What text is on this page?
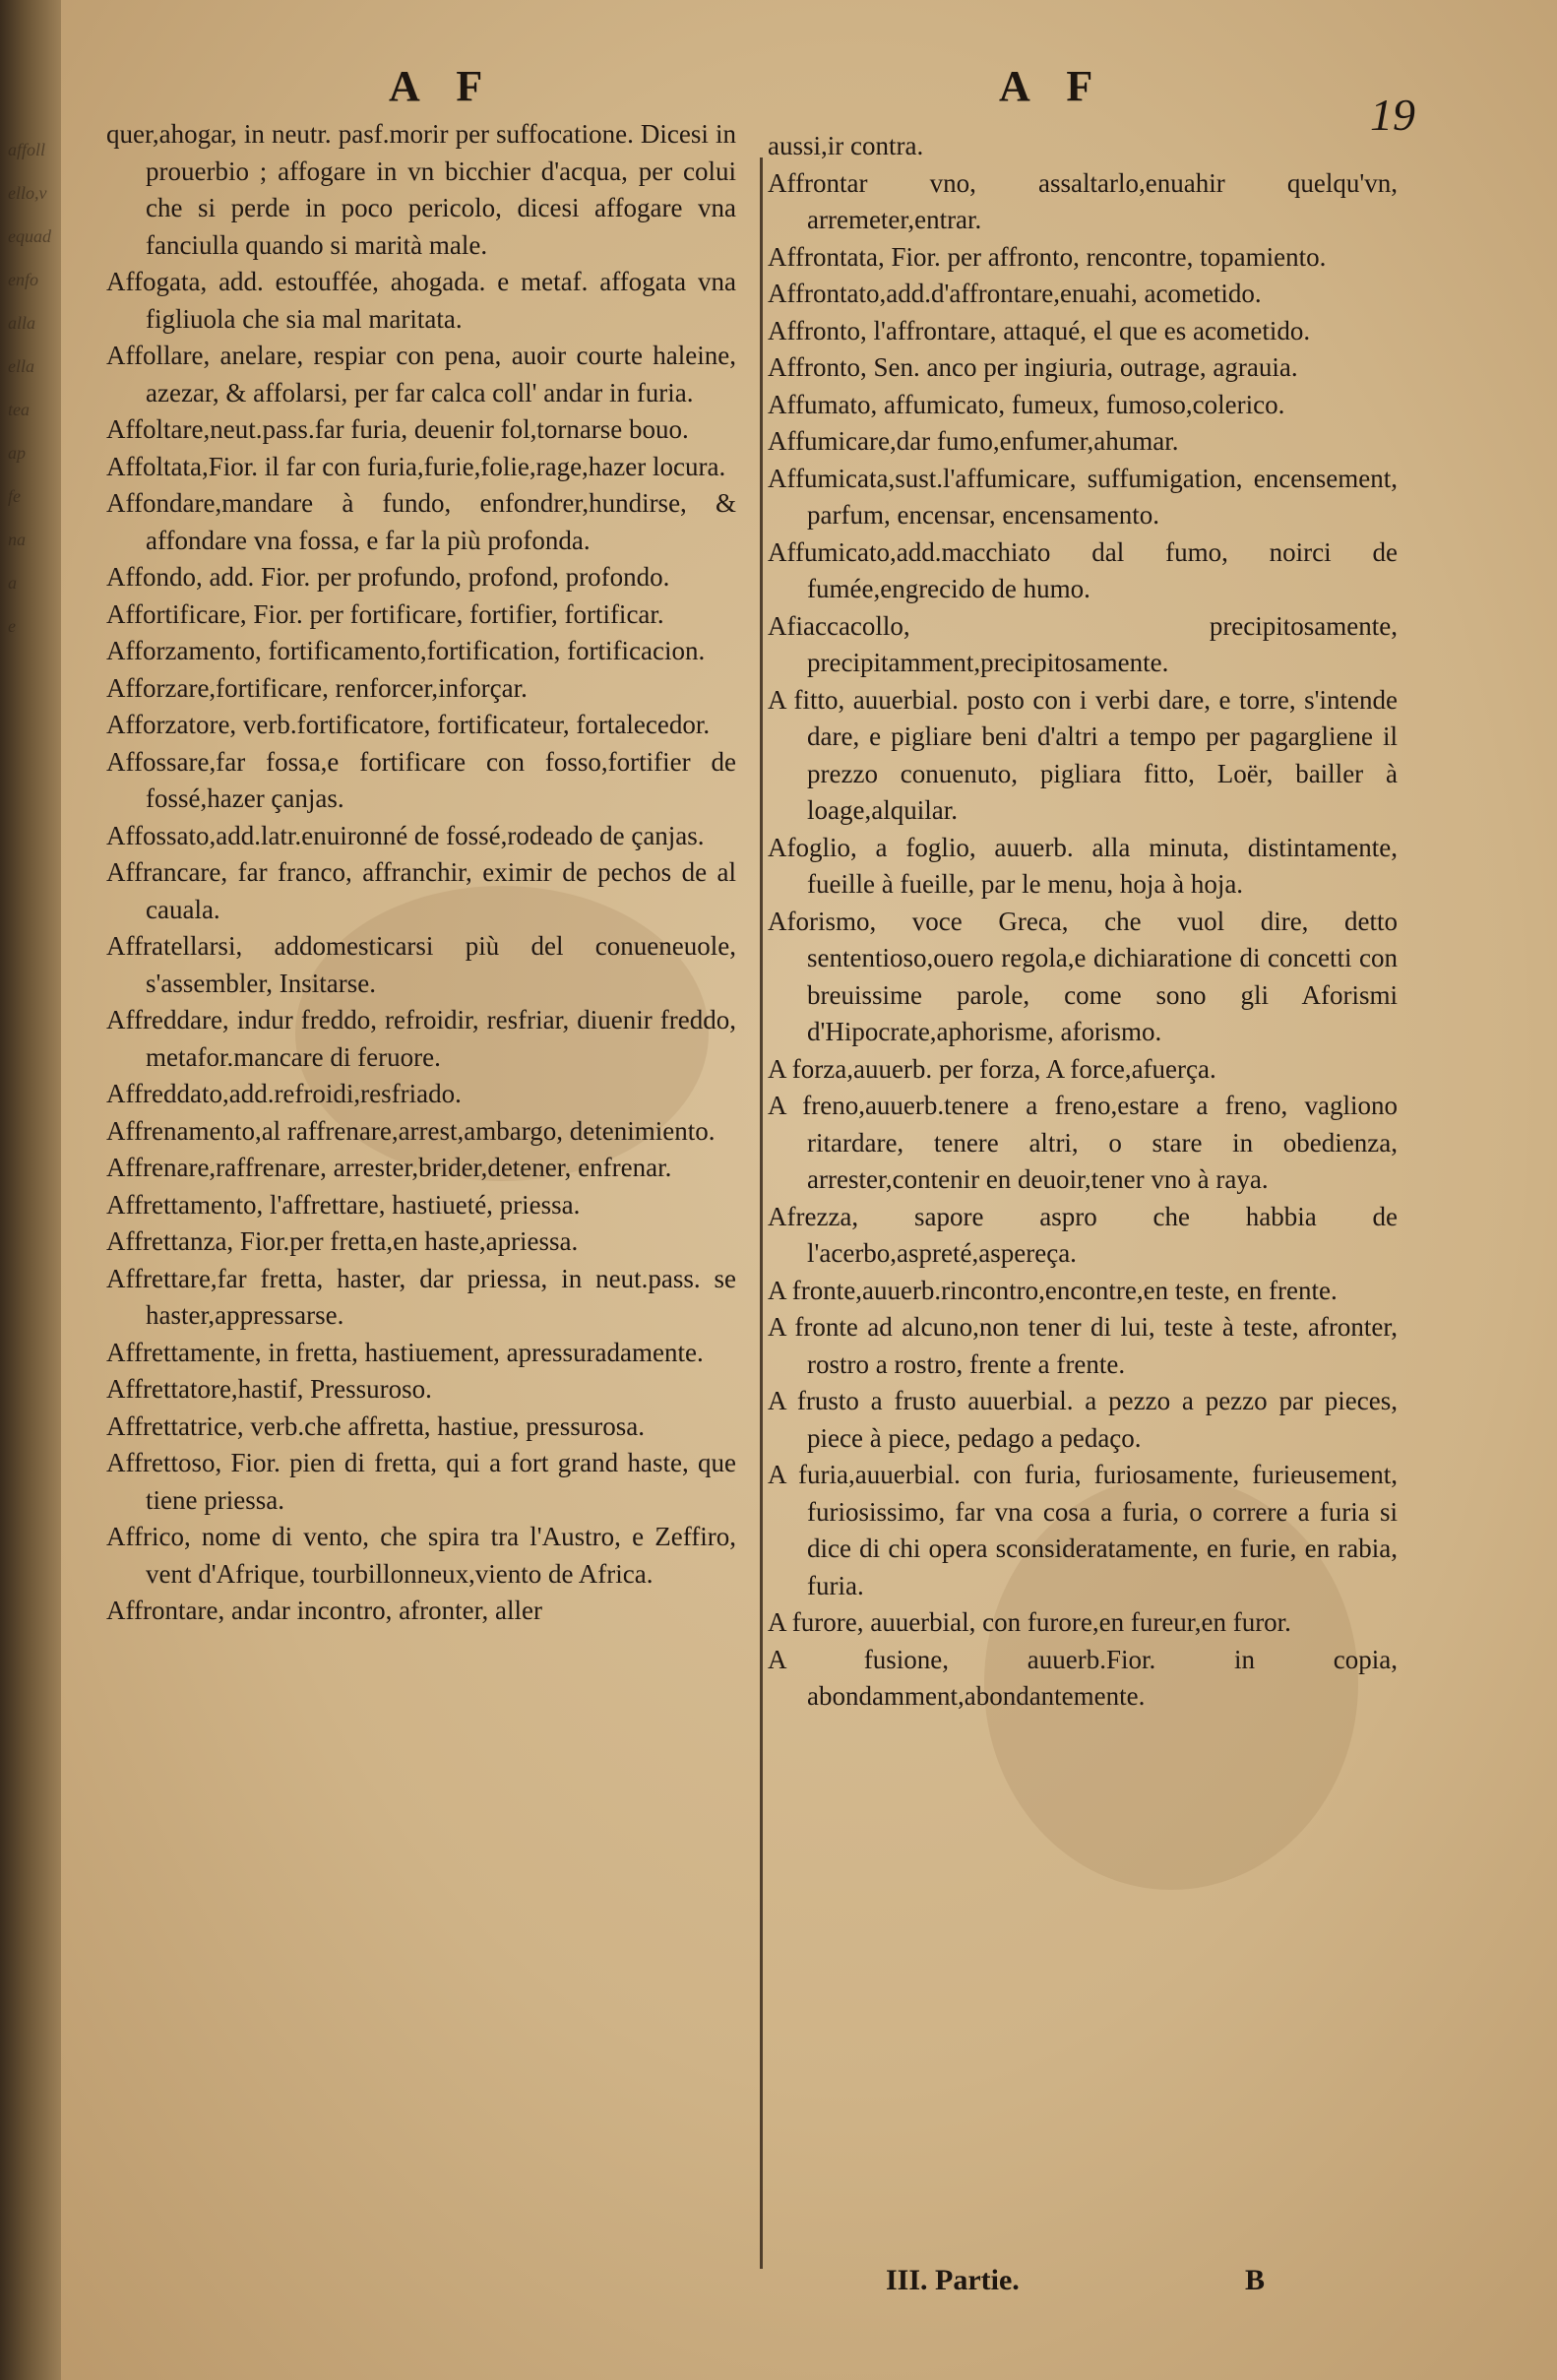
affoll
ello,v
equad
enfo
alla
ella
tea
ap
fe
na
a
e
A F	A F
19

quer,ahogar, in neutr. pasf.morir per suffocatione. Dicesi in prouerbio ; affogare in vn bicchier d'acqua, per colui che si perde in poco pericolo, dicesi affogare vna fanciulla quando si marità male.

Affogata, add. estouffée, ahogada. e metaf. affogata vna figliuola che sia mal maritata.

Affollare, anelare, respiar con pena, auoir courte haleine, azezar, & affolarsi, per far calca coll' andar in furia.

Affoltare,neut.pass.far furia, deuenir fol,tornarse bouo.

Affoltata,Fior. il far con furia,furie,folie,rage,hazer locura.

Affondare,mandare à fundo, enfondrer,hundirse, & affondare vna fossa, e far la più profonda.

Affondo, add. Fior. per profundo, profond, profondo.

Affortificare, Fior. per fortificare, fortifier, fortificar.

Afforzamento, fortificamento,fortification, fortificacion.

Afforzare,fortificare, renforcer,inforçar.

Afforzatore, verb.fortificatore, fortificateur, fortalecedor.

Affossare,far fossa,e fortificare con fosso,fortifier de fossé,hazer çanjas.

Affossato,add.latr.enuironné de fossé,rodeado de çanjas.

Affrancare, far franco, affranchir, eximir de pechos de al cauala.

Affratellarsi, addomesticarsi più del conueneuole, s'assembler, Insitarse.

Affreddare, indur freddo, refroidir, resfriar, diuenir freddo, metafor.mancare di feruore.

Affreddato,add.refroidi,resfriado.

Affrenamento,al raffrenare,arrest,ambargo, detenimiento.

Affrenare,raffrenare, arrester,brider,detener, enfrenar.

Affrettamento, l'affrettare, hastiueté, priessa.

Affrettanza, Fior.per fretta,en haste,apriessa.

Affrettare,far fretta, haster, dar priessa, in neut.pass. se haster,appressarse.

Affrettamente, in fretta, hastiuement, apressuradamente.

Affrettatore,hastif, Pressuroso.

Affrettatrice, verb.che affretta, hastiue, pressurosa.

Affrettoso, Fior. pien di fretta, qui a fort grand haste, que tiene priessa.

Affrico, nome di vento, che spira tra l'Austro, e Zeffiro, vent d'Afrique, tourbillonneux,viento de Africa.

Affrontare, andar incontro, afronter, aller

aussi,ir contra.

Affrontar vno, assaltarlo,enuahir quelqu'vn, arremeter,entrar.

Affrontata, Fior. per affronto, rencontre, topamiento.

Affrontato,add.d'affrontare,enuahi, acometido.

Affronto, l'affrontare, attaqué, el que es acometido.

Affronto, Sen. anco per ingiuria, outrage, agrauia.

Affumato, affumicato, fumeux, fumoso,colerico.

Affumicare,dar fumo,enfumer,ahumar.

Affumicata,sust.l'affumicare, suffumigation, encensement, parfum, encensar, encensamento.

Affumicato,add.macchiato dal fumo, noirci de fumée,engrecido de humo.

Afiaccacollo, precipitosamente, precipitamment,precipitosamente.

A fitto, auuerbial. posto con i verbi dare, e torre, s'intende dare, e pigliare beni d'altri a tempo per pagargliene il prezzo conuenuto, pigliara fitto, Loër, bailler à loage,alquilar.

Afoglio, a foglio, auuerb. alla minuta, distintamente, fueille à fueille, par le menu, hoja à hoja.

Aforismo, voce Greca, che vuol dire, detto sententioso,ouero regola,e dichiaratione di concetti con breuissime parole, come sono gli Aforismi d'Hipocrate,aphorisme, aforismo.

A forza,auuerb. per forza, A force,afuerça.

A freno,auuerb.tenere a freno,estare a freno, vagliono ritardare, tenere altri, o stare in obedienza, arrester,contenir en deuoir,tener vno à raya.

Afrezza, sapore aspro che habbia de l'acerbo,aspreté,aspereça.

A fronte,auuerb.rincontro,encontre,en teste, en frente.

A fronte ad alcuno,non tener di lui, teste à teste, afronter, rostro a rostro, frente a frente.

A frusto a frusto auuerbial. a pezzo a pezzo par pieces, piece à piece, pedago a pedaço.

A furia,auuerbial. con furia, furiosamente, furieusement, furiosissimo, far vna cosa a furia, o correre a furia si dice di chi opera sconsideratamente, en furie, en rabia, furia.

A furore, auuerbial, con furore,en fureur,en furor.

A fusione, auuerb.Fior. in copia, abondamment,abondantemente.

III. Partie.	B
